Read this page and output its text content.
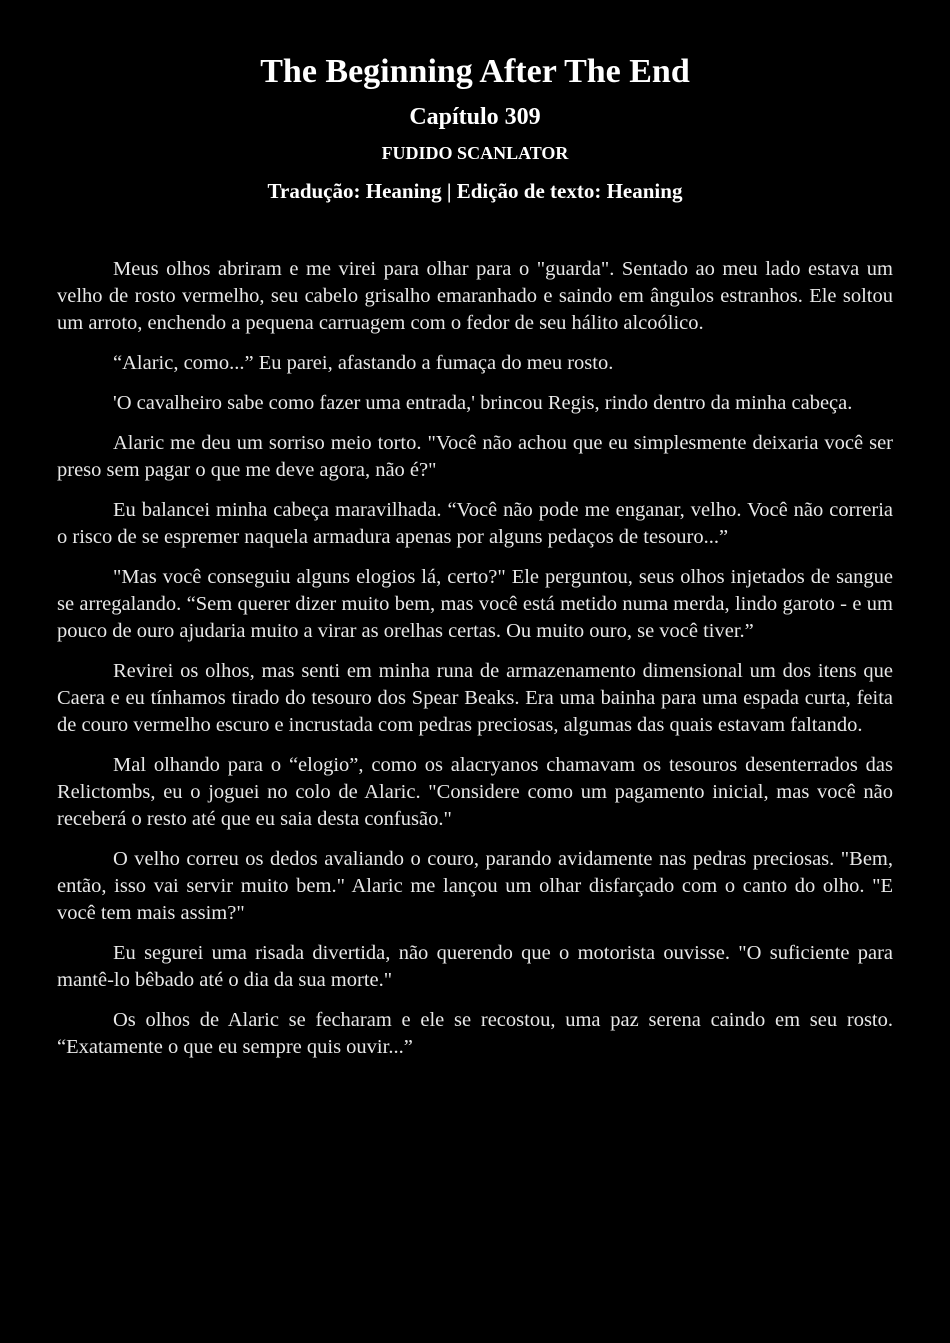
The Beginning After The End
Capítulo 309
FUDIDO SCANLATOR
Tradução: Heaning | Edição de texto: Heaning

Meus olhos abriram e me virei para olhar para o "guarda". Sentado ao meu lado estava um velho de rosto vermelho, seu cabelo grisalho emaranhado e saindo em ângulos estranhos. Ele soltou um arroto, enchendo a pequena carruagem com o fedor de seu hálito alcoólico.

“Alaric, como...” Eu parei, afastando a fumaça do meu rosto.

'O cavalheiro sabe como fazer uma entrada,' brincou Regis, rindo dentro da minha cabeça.

Alaric me deu um sorriso meio torto. "Você não achou que eu simplesmente deixaria você ser preso sem pagar o que me deve agora, não é?"

Eu balancei minha cabeça maravilhada. “Você não pode me enganar, velho. Você não correria o risco de se espremer naquela armadura apenas por alguns pedaços de tesouro...”

"Mas você conseguiu alguns elogios lá, certo?" Ele perguntou, seus olhos injetados de sangue se arregalando. “Sem querer dizer muito bem, mas você está metido numa merda, lindo garoto - e um pouco de ouro ajudaria muito a virar as orelhas certas. Ou muito ouro, se você tiver.”

Revirei os olhos, mas senti em minha runa de armazenamento dimensional um dos itens que Caera e eu tínhamos tirado do tesouro dos Spear Beaks. Era uma bainha para uma espada curta, feita de couro vermelho escuro e incrustada com pedras preciosas, algumas das quais estavam faltando.

Mal olhando para o “elogio”, como os alacryanos chamavam os tesouros desenterrados das Relictombs, eu o joguei no colo de Alaric. "Considere como um pagamento inicial, mas você não receberá o resto até que eu saia desta confusão."

O velho correu os dedos avaliando o couro, parando avidamente nas pedras preciosas. "Bem, então, isso vai servir muito bem." Alaric me lançou um olhar disfarçado com o canto do olho. "E você tem mais assim?"

Eu segurei uma risada divertida, não querendo que o motorista ouvisse. "O suficiente para mantê-lo bêbado até o dia da sua morte."

Os olhos de Alaric se fecharam e ele se recostou, uma paz serena caindo em seu rosto. “Exatamente o que eu sempre quis ouvir...”
